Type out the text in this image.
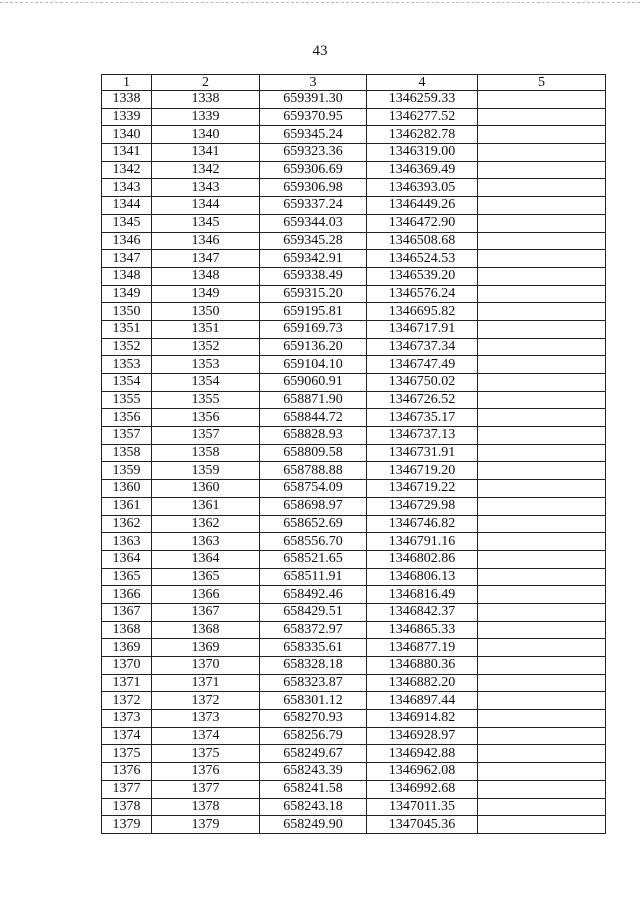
43
1	2	3	4	5
1338	1338	659391.30	1346259.33	
1339	1339	659370.95	1346277.52	
1340	1340	659345.24	1346282.78	
1341	1341	659323.36	1346319.00	
1342	1342	659306.69	1346369.49	
1343	1343	659306.98	1346393.05	
1344	1344	659337.24	1346449.26	
1345	1345	659344.03	1346472.90	
1346	1346	659345.28	1346508.68	
1347	1347	659342.91	1346524.53	
1348	1348	659338.49	1346539.20	
1349	1349	659315.20	1346576.24	
1350	1350	659195.81	1346695.82	
1351	1351	659169.73	1346717.91	
1352	1352	659136.20	1346737.34	
1353	1353	659104.10	1346747.49	
1354	1354	659060.91	1346750.02	
1355	1355	658871.90	1346726.52	
1356	1356	658844.72	1346735.17	
1357	1357	658828.93	1346737.13	
1358	1358	658809.58	1346731.91	
1359	1359	658788.88	1346719.20	
1360	1360	658754.09	1346719.22	
1361	1361	658698.97	1346729.98	
1362	1362	658652.69	1346746.82	
1363	1363	658556.70	1346791.16	
1364	1364	658521.65	1346802.86	
1365	1365	658511.91	1346806.13	
1366	1366	658492.46	1346816.49	
1367	1367	658429.51	1346842.37	
1368	1368	658372.97	1346865.33	
1369	1369	658335.61	1346877.19	
1370	1370	658328.18	1346880.36	
1371	1371	658323.87	1346882.20	
1372	1372	658301.12	1346897.44	
1373	1373	658270.93	1346914.82	
1374	1374	658256.79	1346928.97	
1375	1375	658249.67	1346942.88	
1376	1376	658243.39	1346962.08	
1377	1377	658241.58	1346992.68	
1378	1378	658243.18	1347011.35	
1379	1379	658249.90	1347045.36	
